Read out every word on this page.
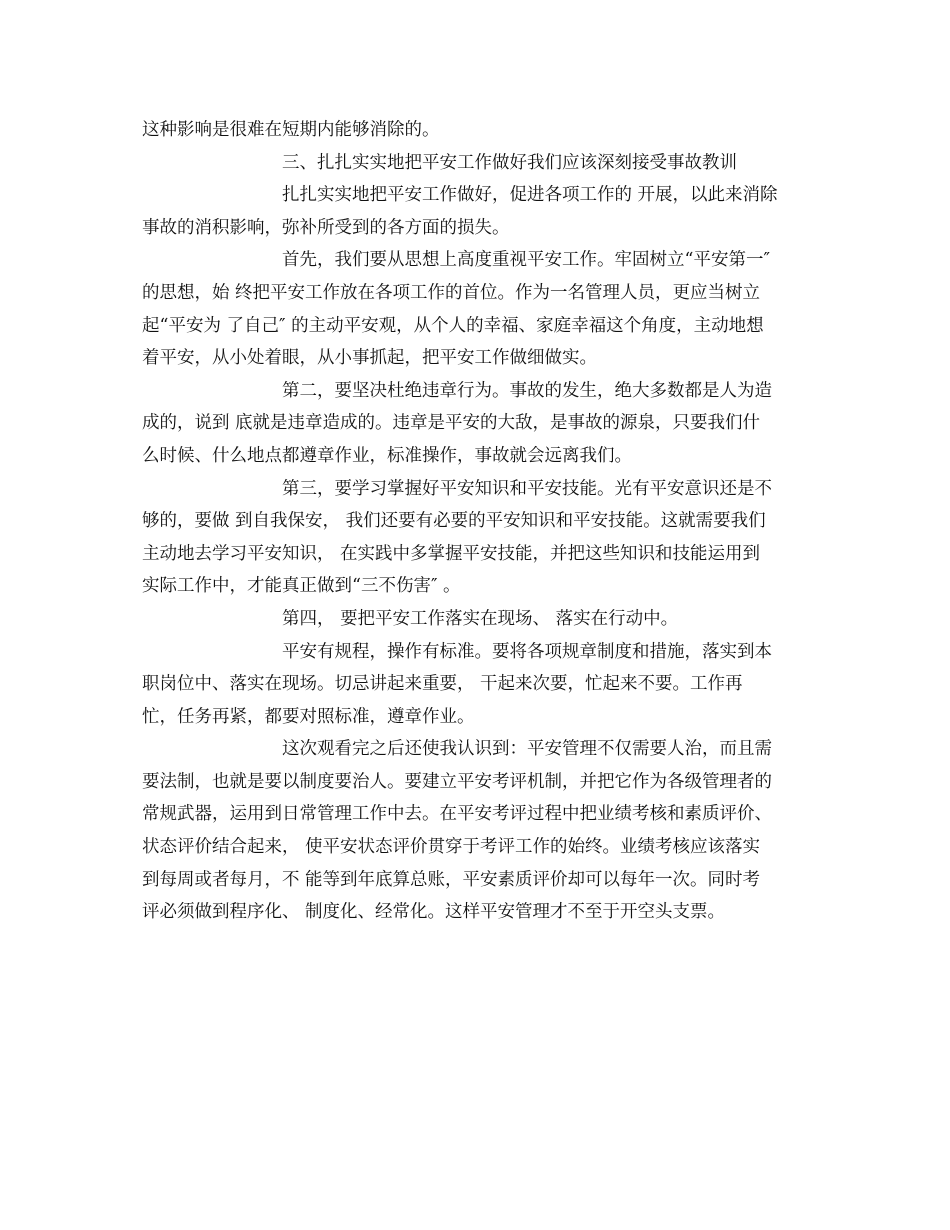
这种影响是很难在短期内能够消除的。
三、扎扎实实地把平安工作做好我们应该深刻接受事故教训
扎扎实实地把平安工作做好，促进各项工作的 开展，以此来消除
事故的消积影响，弥补所受到的各方面的损失。
首先，我们要从思想上高度重视平安工作。牢固树立“平安第一″
的思想，始 终把平安工作放在各项工作的首位。作为一名管理人员，更应当树立
起“平安为 了自己″ 的主动平安观，从个人的幸福、家庭幸福这个角度，主动地想
着平安，从小处着眼，从小事抓起，把平安工作做细做实。
第二，要坚决杜绝违章行为。事故的发生，绝大多数都是人为造
成的，说到 底就是违章造成的。违章是平安的大敌，是事故的源泉，只要我们什
么时候、什么地点都遵章作业，标准操作，事故就会远离我们。
第三，要学习掌握好平安知识和平安技能。光有平安意识还是不
够的，要做 到自我保安， 我们还要有必要的平安知识和平安技能。这就需要我们
主动地去学习平安知识， 在实践中多掌握平安技能，并把这些知识和技能运用到
实际工作中，才能真正做到“三不伤害″ 。
第四， 要把平安工作落实在现场、 落实在行动中。
平安有规程，操作有标准。要将各项规章制度和措施，落实到本
职岗位中、落实在现场。切忌讲起来重要， 干起来次要，忙起来不要。工作再
忙，任务再紧，都要对照标准，遵章作业。
这次观看完之后还使我认识到：平安管理不仅需要人治，而且需
要法制，也就是要以制度要治人。要建立平安考评机制，并把它作为各级管理者的
常规武器，运用到日常管理工作中去。在平安考评过程中把业绩考核和素质评价、
状态评价结合起来， 使平安状态评价贯穿于考评工作的始终。业绩考核应该落实
到每周或者每月，不 能等到年底算总账，平安素质评价却可以每年一次。同时考
评必须做到程序化、 制度化、经常化。这样平安管理才不至于开空头支票。
